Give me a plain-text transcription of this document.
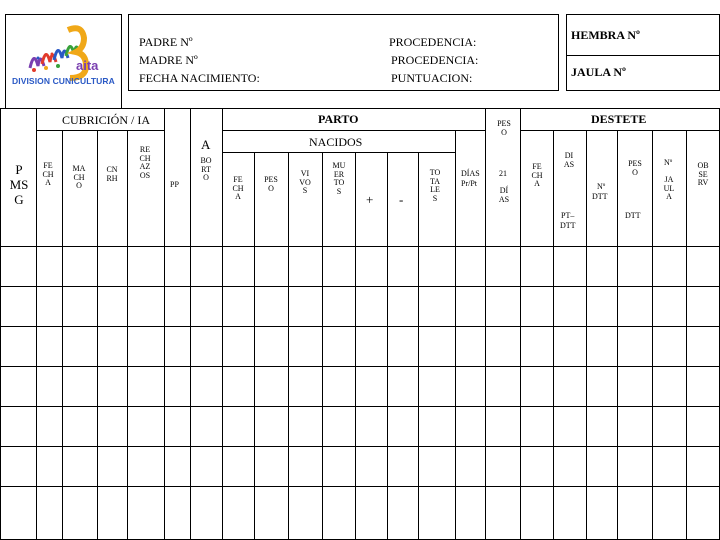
aita
DIVISION CUNICULTURA
PADRE Nº
MADRE Nº
FECHA NACIMIENTO:
PROCEDENCIA:
PROCEDENCIA:
PUNTUACION:
HEMBRA Nº
JAULA Nº
CUBRICIÓN / IA	PARTO
NACIDOS
DESTETE
A
P MS G
FECHA
MACHO
CNRH
RECHAZOS
PP
BORTO	FECHA
PESO
VIVOS
MUERTOS
+ -
TOTALES
DÍAS
Pr/Pt
PESO
21
DÍAS
FECHA
DIAS
PT–
DTT
Nº
DTT
PESO
DTT
Nº
JAULA
OBSERV
